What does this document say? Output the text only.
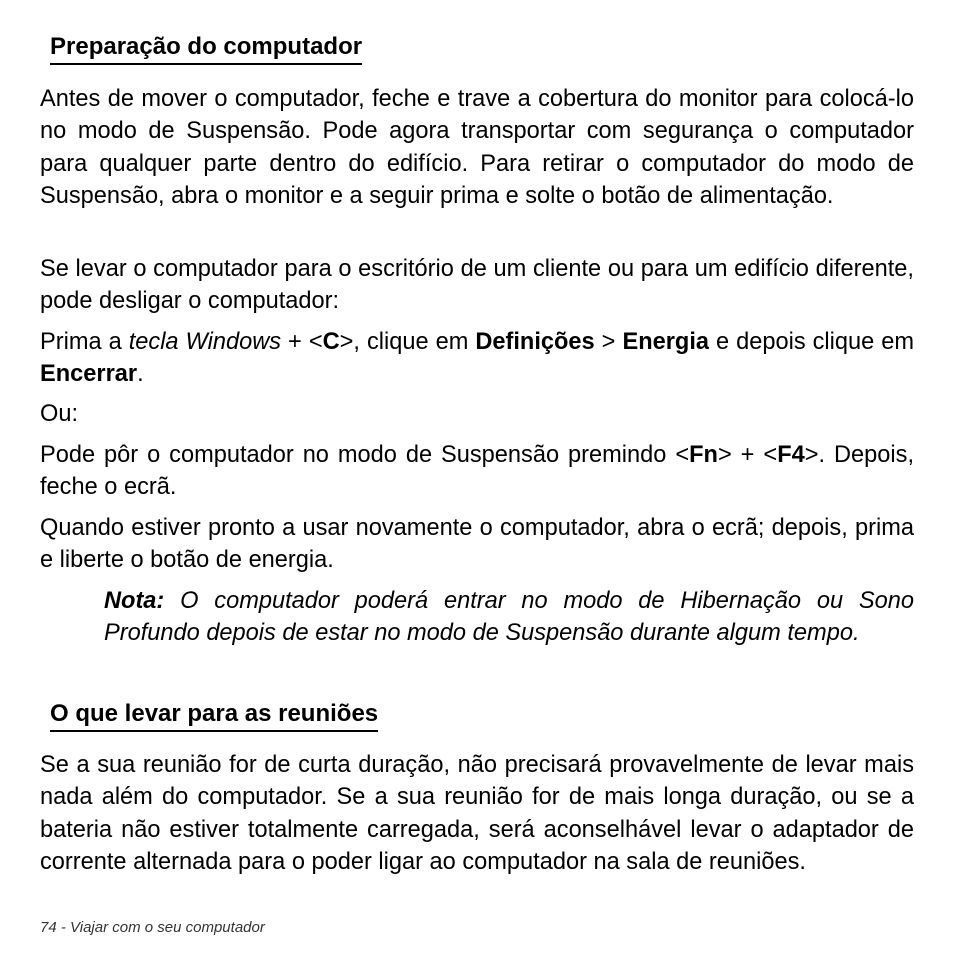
Preparação do computador

Antes de mover o computador, feche e trave a cobertura do monitor para colocá-lo no modo de Suspensão. Pode agora transportar com segurança o computador para qualquer parte dentro do edifício. Para retirar o computador do modo de Suspensão, abra o monitor e a seguir prima e solte o botão de alimentação.

Se levar o computador para o escritório de um cliente ou para um edifício diferente, pode desligar o computador:

Prima a tecla Windows + <C>, clique em Definições > Energia e depois clique em Encerrar.

Ou:

Pode pôr o computador no modo de Suspensão premindo <Fn> + <F4>. Depois, feche o ecrã.

Quando estiver pronto a usar novamente o computador, abra o ecrã; depois, prima e liberte o botão de energia.

Nota: O computador poderá entrar no modo de Hibernação ou Sono Profundo depois de estar no modo de Suspensão durante algum tempo.

O que levar para as reuniões

Se a sua reunião for de curta duração, não precisará provavelmente de levar mais nada além do computador. Se a sua reunião for de mais longa duração, ou se a bateria não estiver totalmente carregada, será aconselhável levar o adaptador de corrente alternada para o poder ligar ao computador na sala de reuniões.

74 - Viajar com o seu computador
